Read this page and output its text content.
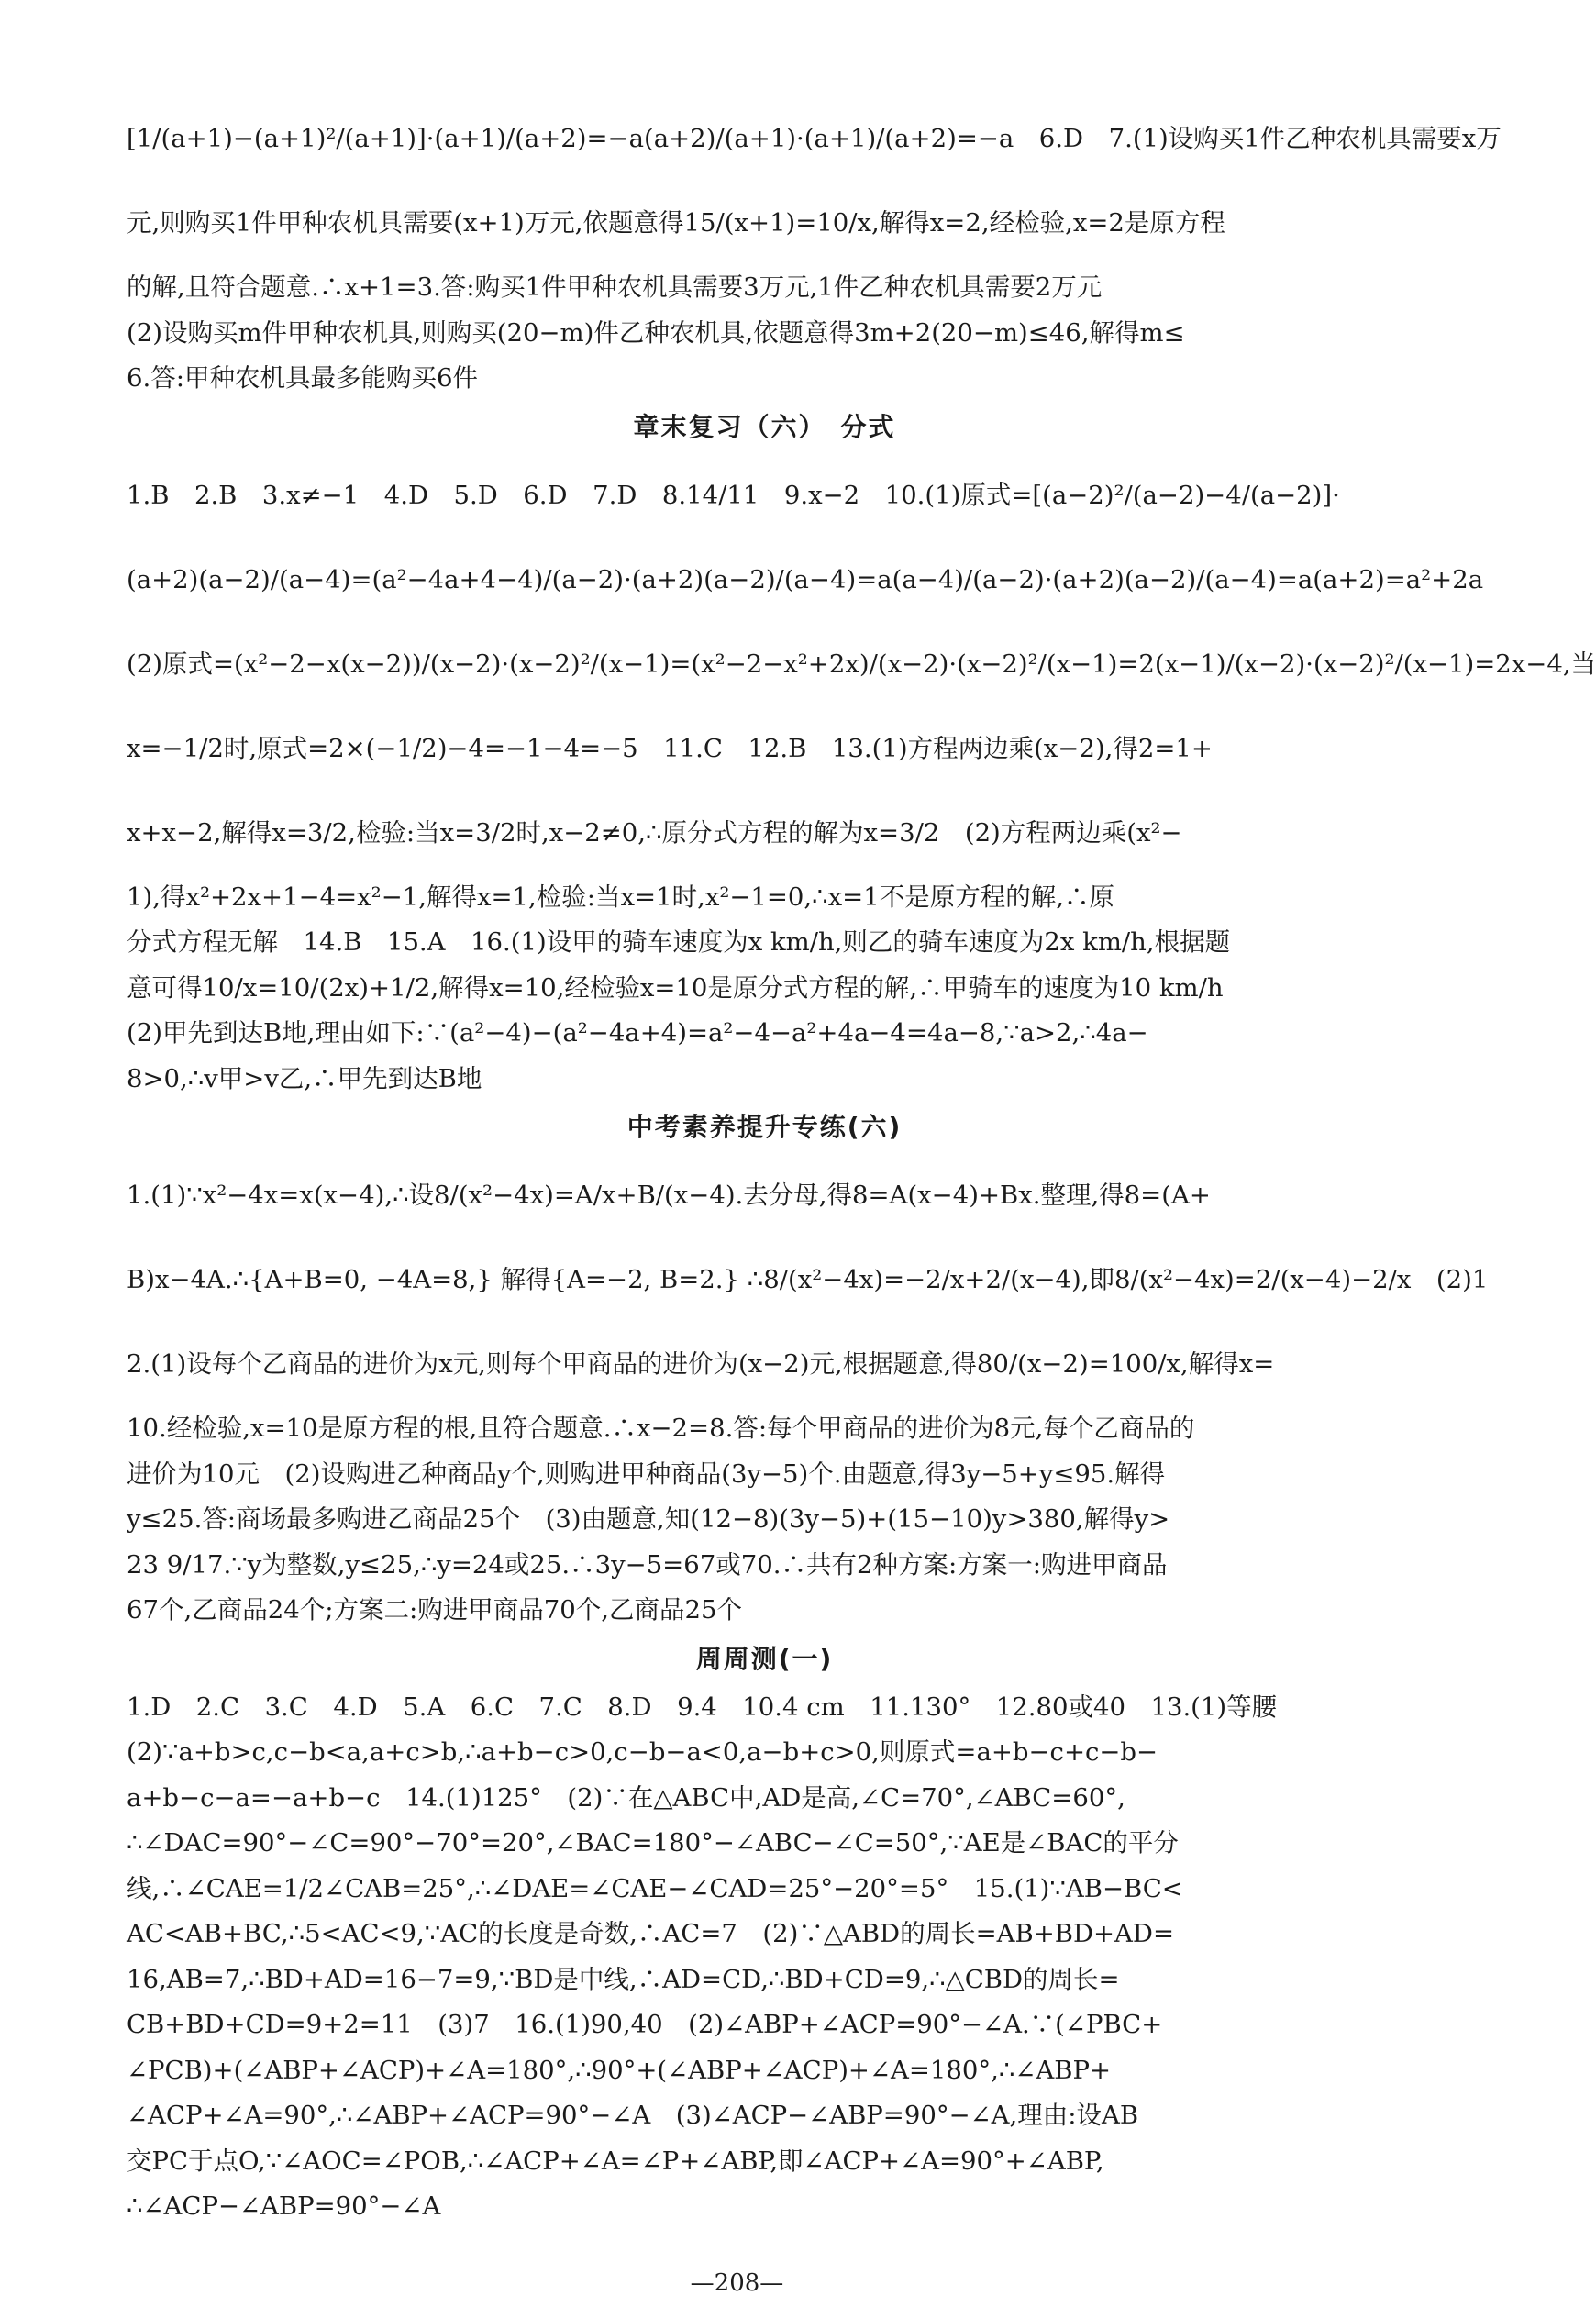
[1/(a+1)−(a+1)²/(a+1)]·(a+1)/(a+2)=−a(a+2)/(a+1)·(a+1)/(a+2)=−a　6.D　7.(1)设购买1件乙种农机具需要x万
元,则购买1件甲种农机具需要(x+1)万元,依题意得15/(x+1)=10/x,解得x=2,经检验,x=2是原方程
的解,且符合题意.∴x+1=3.答:购买1件甲种农机具需要3万元,1件乙种农机具需要2万元
(2)设购买m件甲种农机具,则购买(20−m)件乙种农机具,依题意得3m+2(20−m)≤46,解得m≤
6.答:甲种农机具最多能购买6件
章末复习（六）　分式
1.B　2.B　3.x≠−1　4.D　5.D　6.D　7.D　8.14/11　9.x−2　10.(1)原式=[(a−2)²/(a−2)−4/(a−2)]·
(a+2)(a−2)/(a−4)=(a²−4a+4−4)/(a−2)·(a+2)(a−2)/(a−4)=a(a−4)/(a−2)·(a+2)(a−2)/(a−4)=a(a+2)=a²+2a
(2)原式=(x²−2−x(x−2))/(x−2)·(x−2)²/(x−1)=(x²−2−x²+2x)/(x−2)·(x−2)²/(x−1)=2(x−1)/(x−2)·(x−2)²/(x−1)=2x−4,当
x=−1/2时,原式=2×(−1/2)−4=−1−4=−5　11.C　12.B　13.(1)方程两边乘(x−2),得2=1+
x+x−2,解得x=3/2,检验:当x=3/2时,x−2≠0,∴原分式方程的解为x=3/2　(2)方程两边乘(x²−
1),得x²+2x+1−4=x²−1,解得x=1,检验:当x=1时,x²−1=0,∴x=1不是原方程的解,∴原
分式方程无解　14.B　15.A　16.(1)设甲的骑车速度为x km/h,则乙的骑车速度为2x km/h,根据题
意可得10/x=10/(2x)+1/2,解得x=10,经检验x=10是原分式方程的解,∴甲骑车的速度为10 km/h
(2)甲先到达B地,理由如下:∵(a²−4)−(a²−4a+4)=a²−4−a²+4a−4=4a−8,∵a>2,∴4a−
8>0,∴v甲>v乙,∴甲先到达B地
中考素养提升专练(六)
1.(1)∵x²−4x=x(x−4),∴设8/(x²−4x)=A/x+B/(x−4).去分母,得8=A(x−4)+Bx.整理,得8=(A+
B)x−4A.∴{A+B=0, −4A=8,} 解得{A=−2, B=2.} ∴8/(x²−4x)=−2/x+2/(x−4),即8/(x²−4x)=2/(x−4)−2/x　(2)1
2.(1)设每个乙商品的进价为x元,则每个甲商品的进价为(x−2)元,根据题意,得80/(x−2)=100/x,解得x=
10.经检验,x=10是原方程的根,且符合题意.∴x−2=8.答:每个甲商品的进价为8元,每个乙商品的
进价为10元　(2)设购进乙种商品y个,则购进甲种商品(3y−5)个.由题意,得3y−5+y≤95.解得
y≤25.答:商场最多购进乙商品25个　(3)由题意,知(12−8)(3y−5)+(15−10)y>380,解得y>
23 9/17.∵y为整数,y≤25,∴y=24或25.∴3y−5=67或70.∴共有2种方案:方案一:购进甲商品
67个,乙商品24个;方案二:购进甲商品70个,乙商品25个
周周测(一)
1.D　2.C　3.C　4.D　5.A　6.C　7.C　8.D　9.4　10.4 cm　11.130°　12.80或40　13.(1)等腰
(2)∵a+b>c,c−b<a,a+c>b,∴a+b−c>0,c−b−a<0,a−b+c>0,则原式=a+b−c+c−b−
a+b−c−a=−a+b−c　14.(1)125°　(2)∵在△ABC中,AD是高,∠C=70°,∠ABC=60°,
∴∠DAC=90°−∠C=90°−70°=20°,∠BAC=180°−∠ABC−∠C=50°,∵AE是∠BAC的平分
线,∴∠CAE=1/2∠CAB=25°,∴∠DAE=∠CAE−∠CAD=25°−20°=5°　15.(1)∵AB−BC<
AC<AB+BC,∴5<AC<9,∵AC的长度是奇数,∴AC=7　(2)∵△ABD的周长=AB+BD+AD=
16,AB=7,∴BD+AD=16−7=9,∵BD是中线,∴AD=CD,∴BD+CD=9,∴△CBD的周长=
CB+BD+CD=9+2=11　(3)7　16.(1)90,40　(2)∠ABP+∠ACP=90°−∠A.∵(∠PBC+
∠PCB)+(∠ABP+∠ACP)+∠A=180°,∴90°+(∠ABP+∠ACP)+∠A=180°,∴∠ABP+
∠ACP+∠A=90°,∴∠ABP+∠ACP=90°−∠A　(3)∠ACP−∠ABP=90°−∠A,理由:设AB
交PC于点O,∵∠AOC=∠POB,∴∠ACP+∠A=∠P+∠ABP,即∠ACP+∠A=90°+∠ABP,
∴∠ACP−∠ABP=90°−∠A
—208—
